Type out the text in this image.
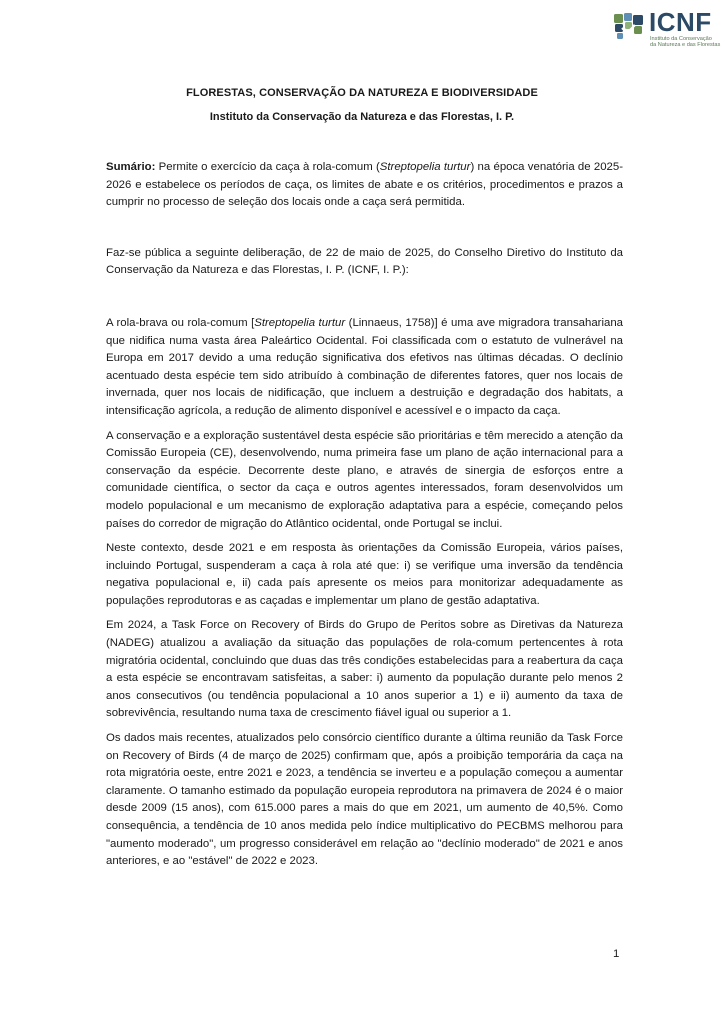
ICNF
Instituto da Conservação
da Natureza e das Florestas
FLORESTAS, CONSERVAÇÃO DA NATUREZA E BIODIVERSIDADE
Instituto da Conservação da Natureza e das Florestas, I. P.

Sumário: Permite o exercício da caça à rola-comum (Streptopelia turtur) na época venatória de 2025-2026 e estabelece os períodos de caça, os limites de abate e os critérios, procedimentos e prazos a cumprir no processo de seleção dos locais onde a caça será permitida.

Faz-se pública a seguinte deliberação, de 22 de maio de 2025, do Conselho Diretivo do Instituto da Conservação da Natureza e das Florestas, I. P. (ICNF, I. P.):

A rola-brava ou rola-comum [Streptopelia turtur (Linnaeus, 1758)] é uma ave migradora transahariana que nidifica numa vasta área Paleártico Ocidental. Foi classificada com o estatuto de vulnerável na Europa em 2017 devido a uma redução significativa dos efetivos nas últimas décadas. O declínio acentuado desta espécie tem sido atribuído à combinação de diferentes fatores, quer nos locais de invernada, quer nos locais de nidificação, que incluem a destruição e degradação dos habitats, a intensificação agrícola, a redução de alimento disponível e acessível e o impacto da caça.

A conservação e a exploração sustentável desta espécie são prioritárias e têm merecido a atenção da Comissão Europeia (CE), desenvolvendo, numa primeira fase um plano de ação internacional para a conservação da espécie. Decorrente deste plano, e através de sinergia de esforços entre a comunidade científica, o sector da caça e outros agentes interessados, foram desenvolvidos um modelo populacional e um mecanismo de exploração adaptativa para a espécie, começando pelos países do corredor de migração do Atlântico ocidental, onde Portugal se inclui.

Neste contexto, desde 2021 e em resposta às orientações da Comissão Europeia, vários países, incluindo Portugal, suspenderam a caça à rola até que: i) se verifique uma inversão da tendência negativa populacional e, ii) cada país apresente os meios para monitorizar adequadamente as populações reprodutoras e as caçadas e implementar um plano de gestão adaptativa.

Em 2024, a Task Force on Recovery of Birds do Grupo de Peritos sobre as Diretivas da Natureza (NADEG) atualizou a avaliação da situação das populações de rola-comum pertencentes à rota migratória ocidental, concluindo que duas das três condições estabelecidas para a reabertura da caça a esta espécie se encontravam satisfeitas, a saber: i) aumento da população durante pelo menos 2 anos consecutivos (ou tendência populacional a 10 anos superior a 1) e ii) aumento da taxa de sobrevivência, resultando numa taxa de crescimento fiável igual ou superior a 1.

Os dados mais recentes, atualizados pelo consórcio científico durante a última reunião da Task Force on Recovery of Birds (4 de março de 2025) confirmam que, após a proibição temporária da caça na rota migratória oeste, entre 2021 e 2023, a tendência se inverteu e a população começou a aumentar claramente. O tamanho estimado da população europeia reprodutora na primavera de 2024 é o maior desde 2009 (15 anos), com 615.000 pares a mais do que em 2021, um aumento de 40,5%. Como consequência, a tendência de 10 anos medida pelo índice multiplicativo do PECBMS melhorou para "aumento moderado", um progresso considerável em relação ao "declínio moderado" de 2021 e anos anteriores, e ao "estável" de 2022 e 2023.

1
